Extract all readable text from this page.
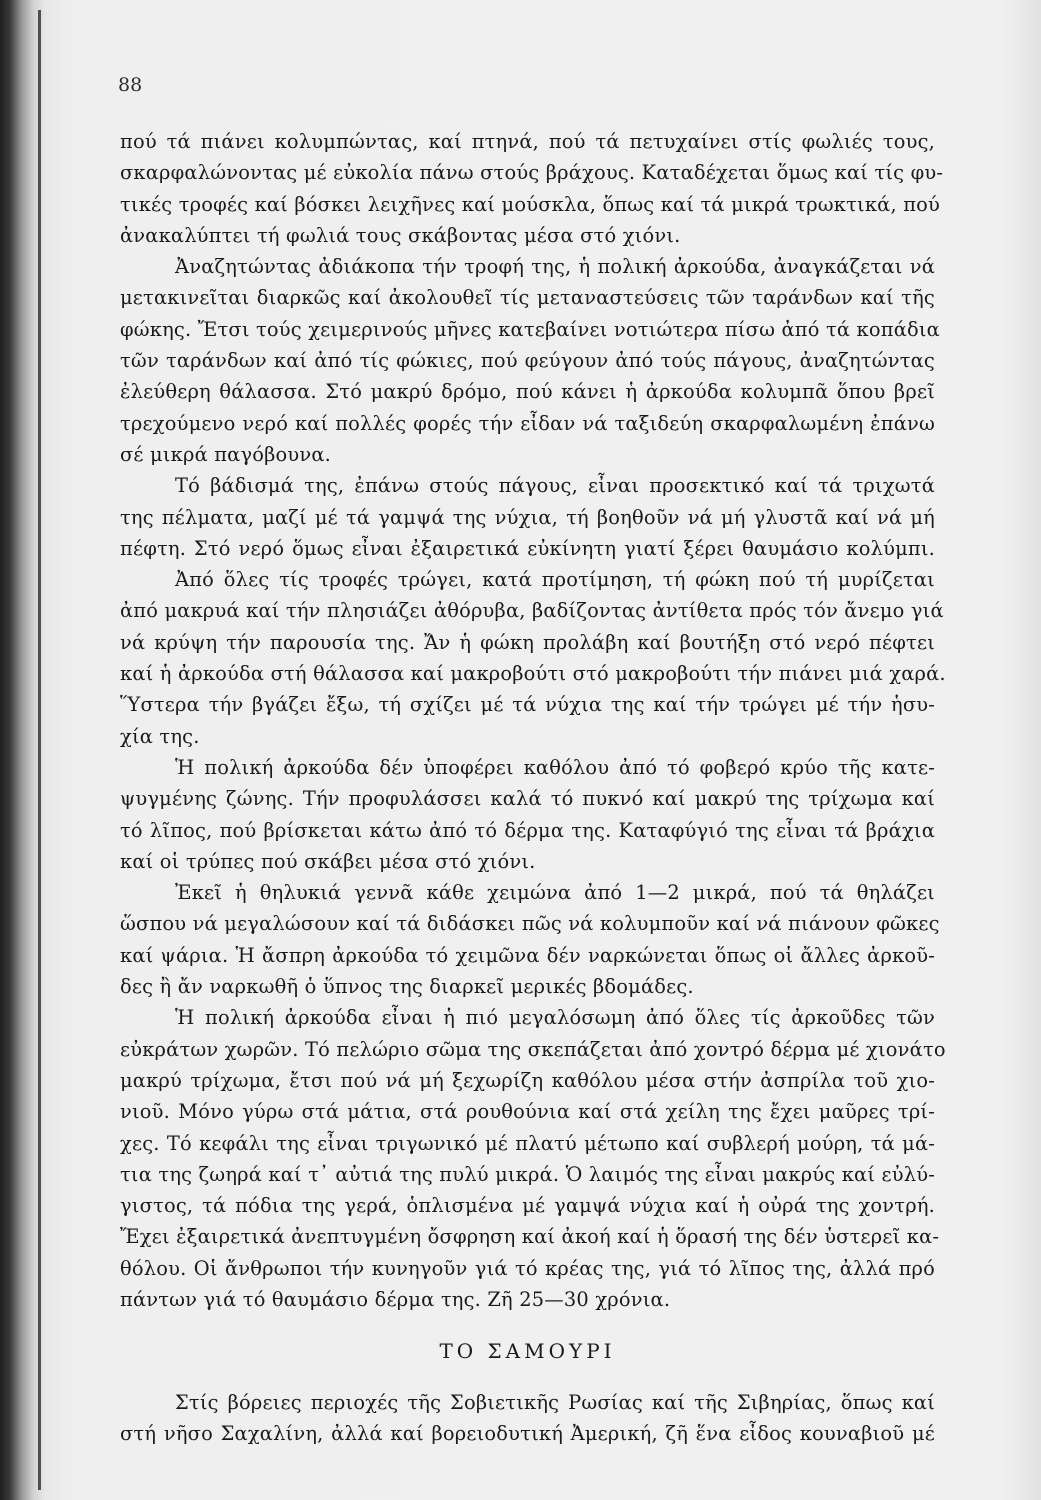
88
πού τά πιάνει κολυμπώντας, καί πτηνά, πού τά πετυχαίνει στίς φωλιές τους,
σκαρφαλώνοντας μέ εὐκολία πάνω στούς βράχους. Καταδέχεται ὅμως καί τίς φυ-
τικές τροφές καί βόσκει λειχῆνες καί μούσκλα, ὅπως καί τά μικρά τρωκτικά, πού
ἀνακαλύπτει τή φωλιά τους σκάβοντας μέσα στό χιόνι.
Ἀναζητώντας ἀδιάκοπα τήν τροφή της, ἡ πολική ἀρκούδα, ἀναγκάζεται νά
μετακινεῖται διαρκῶς καί ἀκολουθεῖ τίς μεταναστεύσεις τῶν ταράνδων καί τῆς
φώκης. Ἔτσι τούς χειμερινούς μῆνες κατεβαίνει νοτιώτερα πίσω ἀπό τά κοπάδια
τῶν ταράνδων καί ἀπό τίς φώκιες, πού φεύγουν ἀπό τούς πάγους, ἀναζητώντας
ἐλεύθερη θάλασσα. Στό μακρύ δρόμο, πού κάνει ἡ ἀρκούδα κολυμπᾶ ὅπου βρεῖ
τρεχούμενο νερό καί πολλές φορές τήν εἶδαν νά ταξιδεύη σκαρφαλωμένη ἐπάνω
σέ μικρά παγόβουνα.
Τό βάδισμά της, ἐπάνω στούς πάγους, εἶναι προσεκτικό καί τά τριχωτά
της πέλματα, μαζί μέ τά γαμψά της νύχια, τή βοηθοῦν νά μή γλυστᾶ καί νά μή
πέφτη. Στό νερό ὅμως εἶναι ἐξαιρετικά εὐκίνητη γιατί ξέρει θαυμάσιο κολύμπι.
Ἀπό ὅλες τίς τροφές τρώγει, κατά προτίμηση, τή φώκη πού τή μυρίζεται
ἀπό μακρυά καί τήν πλησιάζει ἀθόρυβα, βαδίζοντας ἀντίθετα πρός τόν ἄνεμο γιά
νά κρύψη τήν παρουσία της. Ἄν ἡ φώκη προλάβη καί βουτήξη στό νερό πέφτει
καί ἡ ἀρκούδα στή θάλασσα καί μακροβούτι στό μακροβούτι τήν πιάνει μιά χαρά.
Ὕστερα τήν βγάζει ἔξω, τή σχίζει μέ τά νύχια της καί τήν τρώγει μέ τήν ἡσυ-
χία της.
Ἡ πολική ἀρκούδα δέν ὑποφέρει καθόλου ἀπό τό φοβερό κρύο τῆς κατε-
ψυγμένης ζώνης. Τήν προφυλάσσει καλά τό πυκνό καί μακρύ της τρίχωμα καί
τό λῖπος, πού βρίσκεται κάτω ἀπό τό δέρμα της. Καταφύγιό της εἶναι τά βράχια
καί οἱ τρύπες πού σκάβει μέσα στό χιόνι.
Ἐκεῖ ἡ θηλυκιά γεννᾶ κάθε χειμώνα ἀπό 1—2 μικρά, πού τά θηλάζει
ὥσπου νά μεγαλώσουν καί τά διδάσκει πῶς νά κολυμποῦν καί νά πιάνουν φῶκες
καί ψάρια. Ἡ ἄσπρη ἀρκούδα τό χειμῶνα δέν ναρκώνεται ὅπως οἱ ἄλλες ἀρκοῦ-
δες ἢ ἄν ναρκωθῆ ὁ ὕπνος της διαρκεῖ μερικές βδομάδες.
Ἡ πολική ἀρκούδα εἶναι ἡ πιό μεγαλόσωμη ἀπό ὅλες τίς ἀρκοῦδες τῶν
εὐκράτων χωρῶν. Τό πελώριο σῶμα της σκεπάζεται ἀπό χοντρό δέρμα μέ χιονάτο
μακρύ τρίχωμα, ἔτσι πού νά μή ξεχωρίζη καθόλου μέσα στήν ἀσπρίλα τοῦ χιο-
νιοῦ. Μόνο γύρω στά μάτια, στά ρουθούνια καί στά χείλη της ἔχει μαῦρες τρί-
χες. Τό κεφάλι της εἶναι τριγωνικό μέ πλατύ μέτωπο καί συβλερή μούρη, τά μά-
τια της ζωηρά καί τ᾿ αὐτιά της πυλύ μικρά. Ὁ λαιμός της εἶναι μακρύς καί εὐλύ-
γιστος, τά πόδια της γερά, ὁπλισμένα μέ γαμψά νύχια καί ἡ οὐρά της χοντρή.
Ἔχει ἐξαιρετικά ἀνεπτυγμένη ὄσφρηση καί ἀκοή καί ἡ ὅρασή της δέν ὑστερεῖ κα-
θόλου. Οἱ ἄνθρωποι τήν κυνηγοῦν γιά τό κρέας της, γιά τό λῖπος της, ἀλλά πρό
πάντων γιά τό θαυμάσιο δέρμα της. Ζῆ 25—30 χρόνια.
ΤΟ ΣΑΜΟΥΡΙ
Στίς βόρειες περιοχές τῆς Σοβιετικῆς Ρωσίας καί τῆς Σιβηρίας, ὅπως καί
στή νῆσο Σαχαλίνη, ἀλλά καί βορειοδυτική Ἀμερική, ζῆ ἕνα εἶδος κουναβιοῦ μέ
